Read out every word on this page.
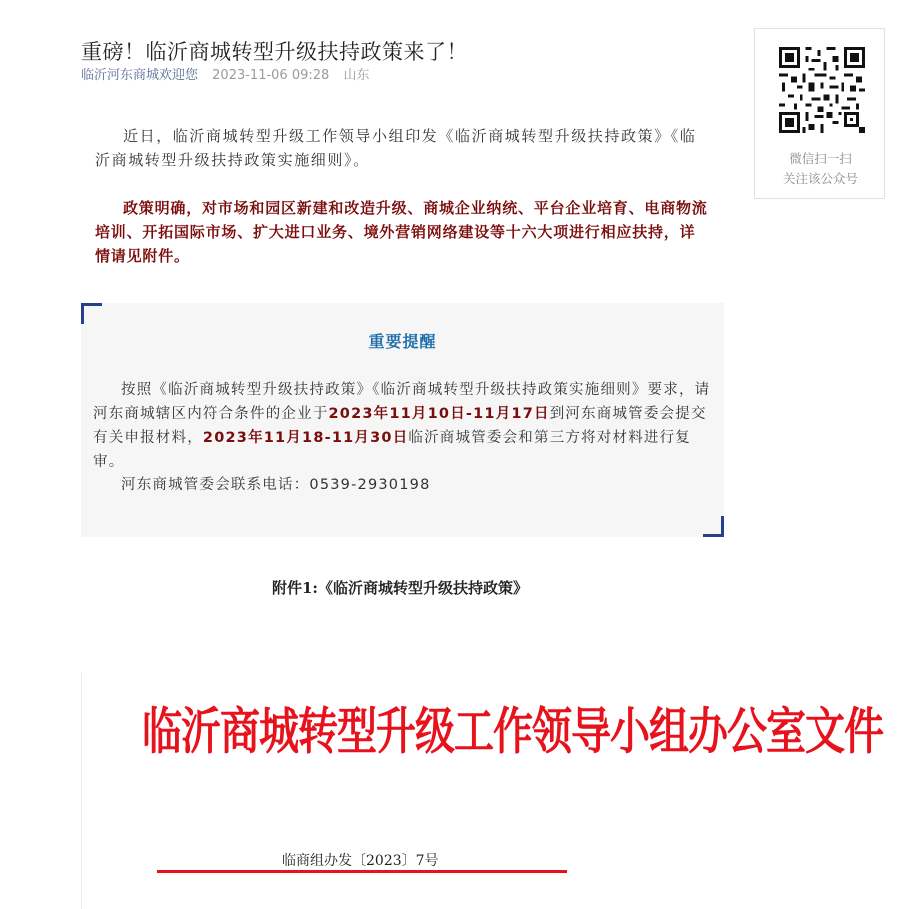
重磅！临沂商城转型升级扶持政策来了！
临沂河东商城欢迎您 2023-11-06 09:28 山东
微信扫一扫
关注该公众号

近日，临沂商城转型升级工作领导小组印发《临沂商城转型升级扶持政策》《临沂商城转型升级扶持政策实施细则》。

政策明确，对市场和园区新建和改造升级、商城企业纳统、平台企业培育、电商物流培训、开拓国际市场、扩大进口业务、境外营销网络建设等十六大项进行相应扶持，详情请见附件。

重要提醒

按照《临沂商城转型升级扶持政策》《临沂商城转型升级扶持政策实施细则》要求，请河东商城辖区内符合条件的企业于2023年11月10日-11月17日到河东商城管委会提交有关申报材料，2023年11月18-11月30日临沂商城管委会和第三方将对材料进行复审。

河东商城管委会联系电话：0539-2930198
附件1:《临沂商城转型升级扶持政策》
临沂商城转型升级工作领导小组办公室文件
临商组办发〔2023〕7号
